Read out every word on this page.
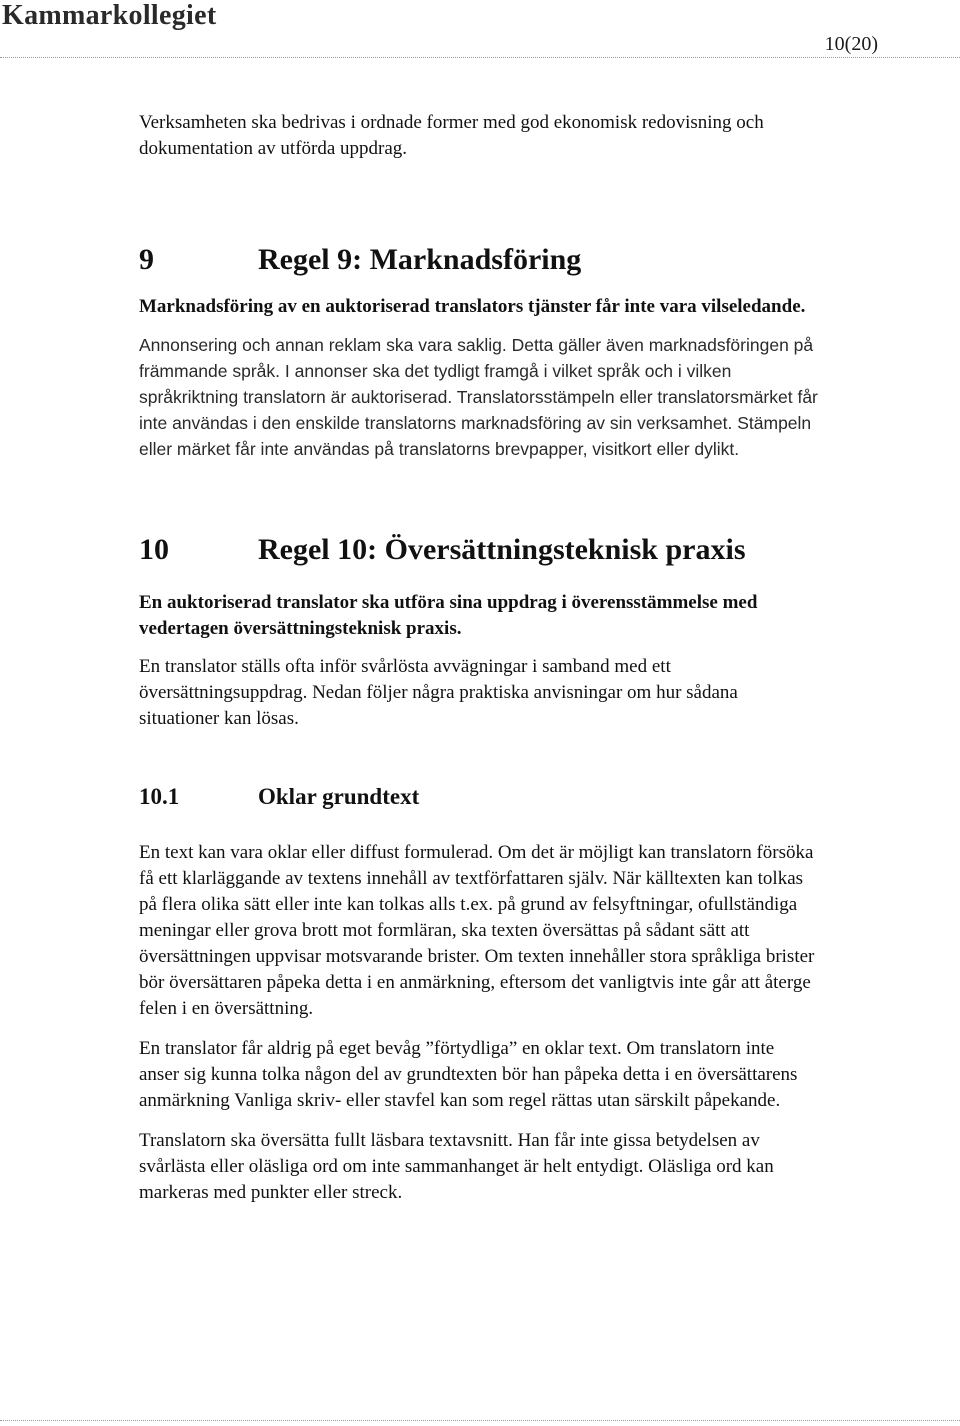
Kammarkollegiet
10(20)

Verksamheten ska bedrivas i ordnade former med god ekonomisk redovisning och dokumentation av utförda uppdrag.

9	Regel 9: Marknadsföring

Marknadsföring av en auktoriserad translators tjänster får inte vara vilseledande.

Annonsering och annan reklam ska vara saklig. Detta gäller även marknadsföringen på främmande språk. I annonser ska det tydligt framgå i vilket språk och i vilken språkriktning translatorn är auktoriserad. Translatorsstämpeln eller translatorsmärket får inte användas i den enskilde translatorns marknadsföring av sin verksamhet. Stämpeln eller märket får inte användas på translatorns brevpapper, visitkort eller dylikt.

10	Regel 10: Översättningsteknisk praxis

En auktoriserad translator ska utföra sina uppdrag i överensstämmelse med vedertagen översättningsteknisk praxis.

En translator ställs ofta inför svårlösta avvägningar i samband med ett översättningsuppdrag. Nedan följer några praktiska anvisningar om hur sådana situationer kan lösas.

10.1	Oklar grundtext

En text kan vara oklar eller diffust formulerad. Om det är möjligt kan translatorn försöka få ett klarläggande av textens innehåll av textförfattaren själv. När källtexten kan tolkas på flera olika sätt eller inte kan tolkas alls t.ex. på grund av felsyftningar, ofullständiga meningar eller grova brott mot formläran, ska texten översättas på sådant sätt att översättningen uppvisar motsvarande brister. Om texten innehåller stora språkliga brister bör översättaren påpeka detta i en anmärkning, eftersom det vanligtvis inte går att återge felen i en översättning.

En translator får aldrig på eget bevåg ”förtydliga” en oklar text. Om translatorn inte anser sig kunna tolka någon del av grundtexten bör han påpeka detta i en översättarens anmärkning Vanliga skriv- eller stavfel kan som regel rättas utan särskilt påpekande.

Translatorn ska översätta fullt läsbara textavsnitt. Han får inte gissa betydelsen av svårlästa eller oläsliga ord om inte sammanhanget är helt entydigt. Oläsliga ord kan markeras med punkter eller streck.
